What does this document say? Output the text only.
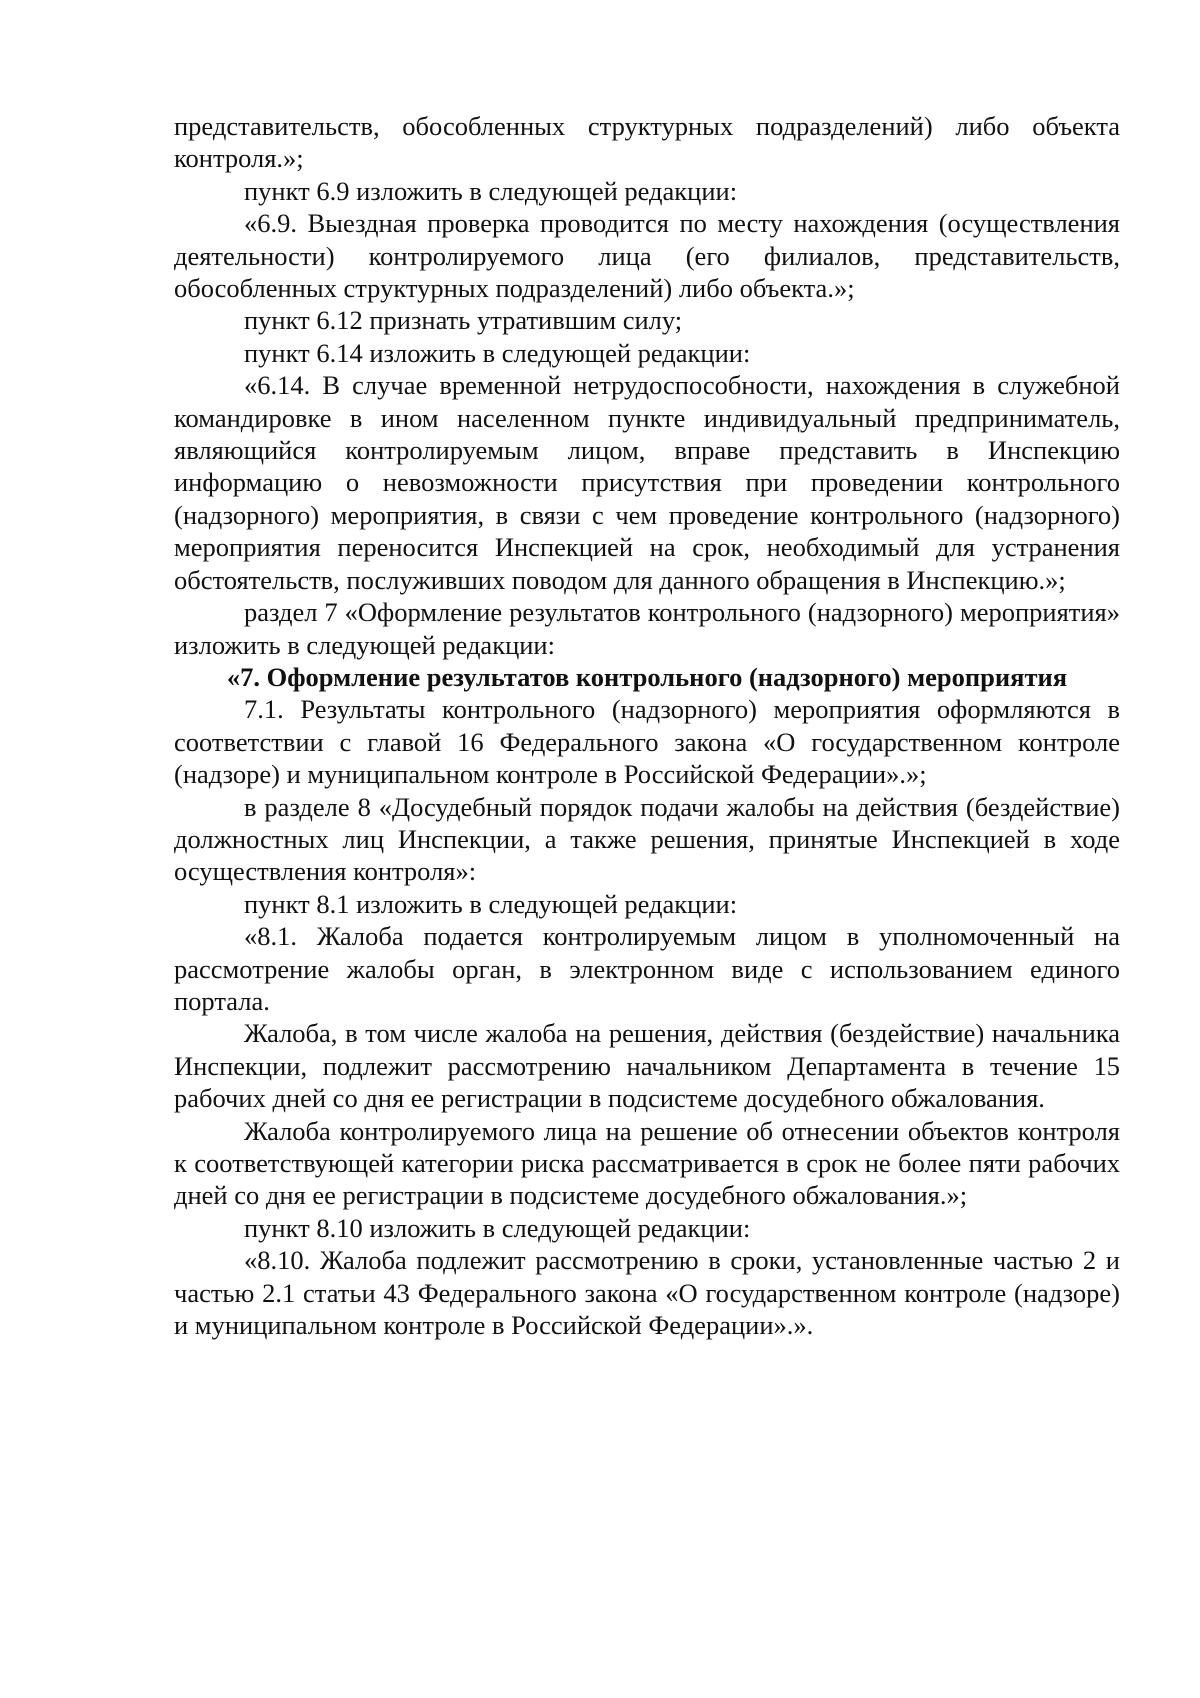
представительств, обособленных структурных подразделений) либо объекта контроля.»;

пункт 6.9 изложить в следующей редакции:

«6.9. Выездная проверка проводится по месту нахождения (осуществления деятельности) контролируемого лица (его филиалов, представительств, обособленных структурных подразделений) либо объекта.»;

пункт 6.12 признать утратившим силу;

пункт 6.14 изложить в следующей редакции:

«6.14. В случае временной нетрудоспособности, нахождения в служебной командировке в ином населенном пункте индивидуальный предприниматель, являющийся контролируемым лицом, вправе представить в Инспекцию информацию о невозможности присутствия при проведении контрольного (надзорного) мероприятия, в связи с чем проведение контрольного (надзорного) мероприятия переносится Инспекцией на срок, необходимый для устранения обстоятельств, послуживших поводом для данного обращения в Инспекцию.»;

раздел 7 «Оформление результатов контрольного (надзорного) мероприятия» изложить в следующей редакции:

«7. Оформление результатов контрольного (надзорного) мероприятия

7.1. Результаты контрольного (надзорного) мероприятия оформляются в соответствии с главой 16 Федерального закона «О государственном контроле (надзоре) и муниципальном контроле в Российской Федерации».»;

в разделе 8 «Досудебный порядок подачи жалобы на действия (бездействие) должностных лиц Инспекции, а также решения, принятые Инспекцией в ходе осуществления контроля»:

пункт 8.1 изложить в следующей редакции:

«8.1. Жалоба подается контролируемым лицом в уполномоченный на рассмотрение жалобы орган, в электронном виде с использованием единого портала.

Жалоба, в том числе жалоба на решения, действия (бездействие) начальника Инспекции, подлежит рассмотрению начальником Департамента в течение 15 рабочих дней со дня ее регистрации в подсистеме досудебного обжалования.

Жалоба контролируемого лица на решение об отнесении объектов контроля к соответствующей категории риска рассматривается в срок не более пяти рабочих дней со дня ее регистрации в подсистеме досудебного обжалования.»;

пункт 8.10 изложить в следующей редакции:

«8.10. Жалоба подлежит рассмотрению в сроки, установленные частью 2 и частью 2.1 статьи 43 Федерального закона «О государственном контроле (надзоре) и муниципальном контроле в Российской Федерации».».
